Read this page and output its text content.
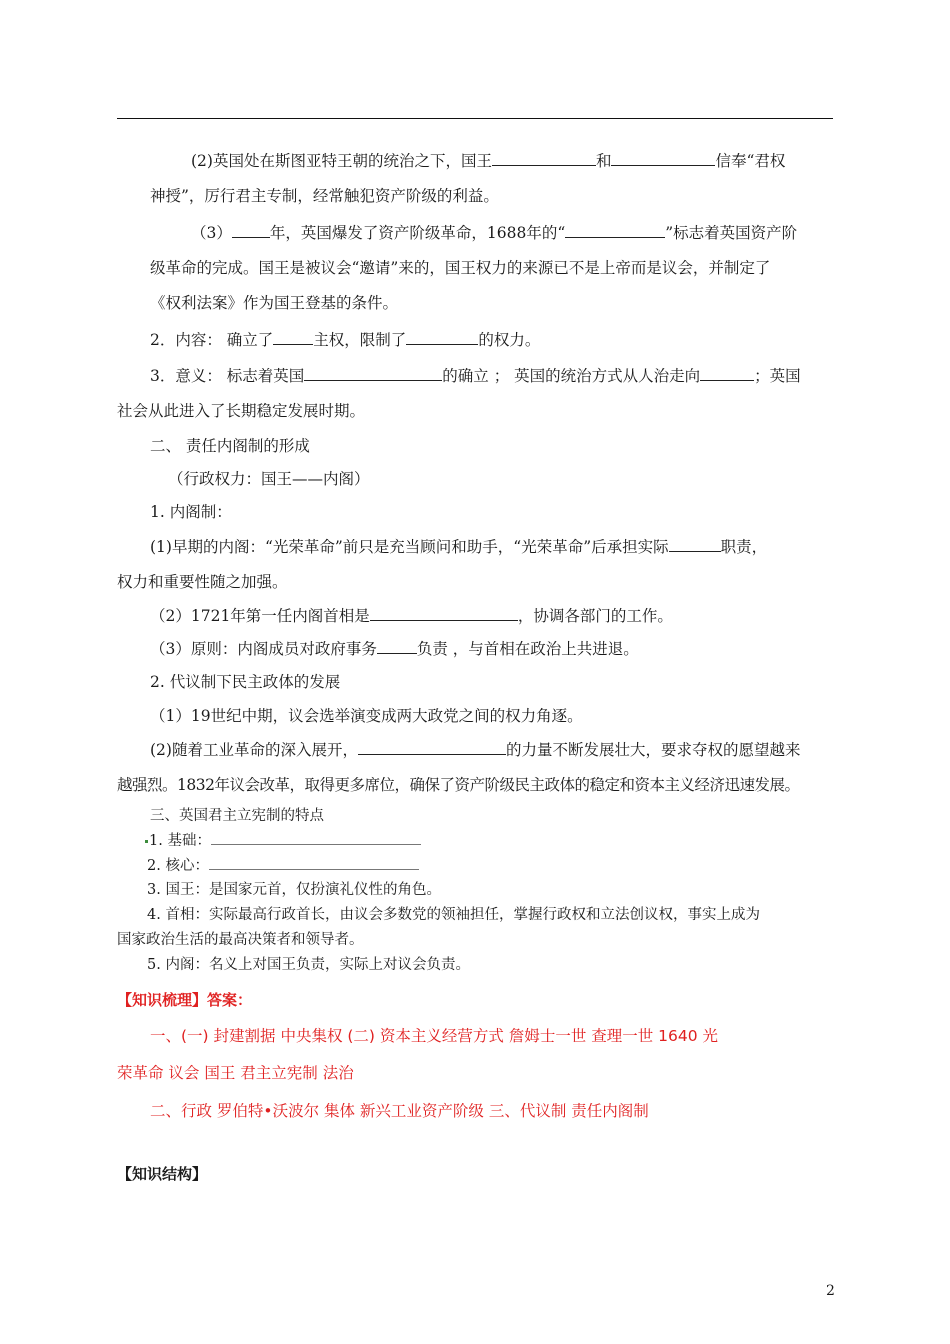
(2)英国处在斯图亚特王朝的统治之下，国王	和	信奉“君权
神授”，厉行君主专制，经常触犯资产阶级的利益。
（3） 年，英国爆发了资产阶级革命，1688年的“	”标志着英国资产阶
级革命的完成。国王是被议会“邀请”来的，国王权力的来源已不是上帝而是议会，并制定了
《权利法案》作为国王登基的条件。
2．内容： 确立了	主权，限制了	的权力。
3．意义： 标志着英国	的确立 ； 英国的统治方式从人治走向	；英国
社会从此进入了长期稳定发展时期。
二、 责任内阁制的形成
（行政权力：国王——内阁）
1. 内阁制：
(1)早期的内阁：“光荣革命”前只是充当顾问和助手，“光荣革命”后承担实际	职责，
权力和重要性随之加强。
（2）1721年第一任内阁首相是	，协调各部门的工作。
（3）原则：内阁成员对政府事务	负责 ，与首相在政治上共进退。
2. 代议制下民主政体的发展
（1）19世纪中期，议会选举演变成两大政党之间的权力角逐。
(2)随着工业革命的深入展开，	的力量不断发展壮大，要求夺权的愿望越来
越强烈。1832年议会改革，取得更多席位，确保了资产阶级民主政体的稳定和资本主义经济迅速发展。
三、英国君主立宪制的特点
1. 基础：
2. 核心：
3. 国王：是国家元首，仅扮演礼仪性的角色。
4. 首相：实际最高行政首长，由议会多数党的领袖担任，掌握行政权和立法创议权，事实上成为
国家政治生活的最高决策者和领导者。
5. 内阁：名义上对国王负责，实际上对议会负责。
【知识梳理】答案：
一、(一) 封建割据 中央集权 (二) 资本主义经营方式 詹姆士一世 查理一世 1640 光
荣革命 议会 国王 君主立宪制 法治
二、行政 罗伯特•沃波尔 集体 新兴工业资产阶级 三、代议制 责任内阁制
【知识结构】
2
